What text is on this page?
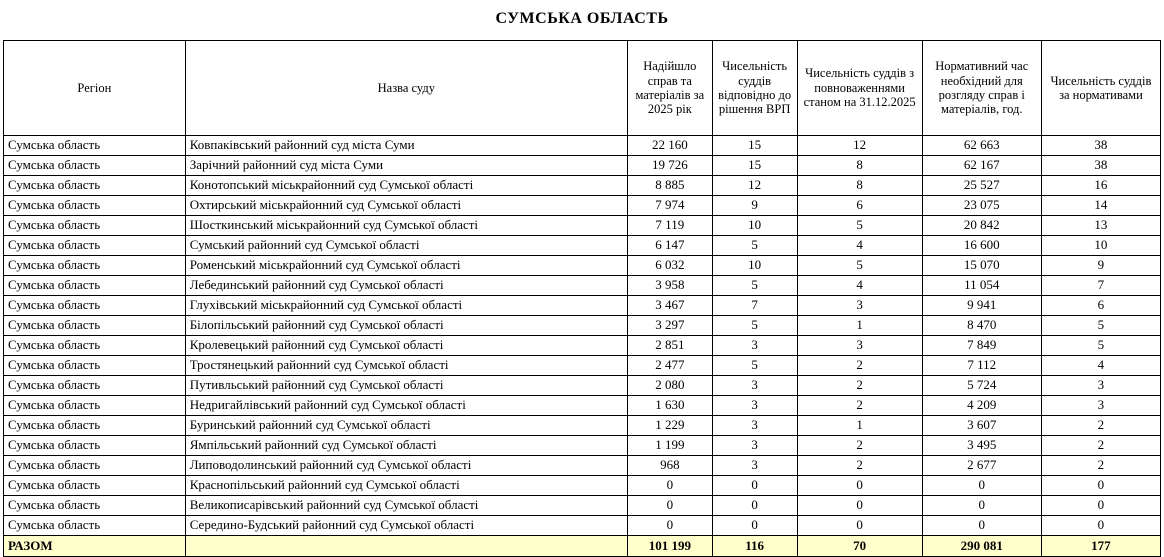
СУМСЬКА ОБЛАСТЬ
Регіон	Назва суду	Надійшло справ та матеріалів за 2025 рік	Чисельність суддів відповідно до рішення ВРП	Чисельність суддів з повноваженнями станом на 31.12.2025	Нормативний час необхідний для розгляду справ і матеріалів, год.	Чисельність суддів за нормативами
Сумська область	Ковпаківський районний суд міста Суми	22 160	15	12	62 663	38
Сумська область	Зарічний районний суд міста Суми	19 726	15	8	62 167	38
Сумська область	Конотопський міськрайонний суд Сумської області	8 885	12	8	25 527	16
Сумська область	Охтирський міськрайонний суд Сумської області	7 974	9	6	23 075	14
Сумська область	Шосткинський міськрайонний суд Сумської області	7 119	10	5	20 842	13
Сумська область	Сумський районний суд Сумської області	6 147	5	4	16 600	10
Сумська область	Роменський міськрайонний суд Сумської області	6 032	10	5	15 070	9
Сумська область	Лебединський районний суд Сумської області	3 958	5	4	11 054	7
Сумська область	Глухівський міськрайонний суд Сумської області	3 467	7	3	9 941	6
Сумська область	Білопільський районний суд Сумської області	3 297	5	1	8 470	5
Сумська область	Кролевецький районний суд Сумської області	2 851	3	3	7 849	5
Сумська область	Тростянецький районний суд Сумської області	2 477	5	2	7 112	4
Сумська область	Путивльський районний суд Сумської області	2 080	3	2	5 724	3
Сумська область	Недригайлівський районний суд Сумської області	1 630	3	2	4 209	3
Сумська область	Буринський районний суд Сумської області	1 229	3	1	3 607	2
Сумська область	Ямпільський районний суд Сумської області	1 199	3	2	3 495	2
Сумська область	Липоводолинський районний суд Сумської області	968	3	2	2 677	2
Сумська область	Краснопільський районний суд Сумської області	0	0	0	0	0
Сумська область	Великописарівський районний суд Сумської області	0	0	0	0	0
Сумська область	Середино-Будський районний суд Сумської області	0	0	0	0	0
РАЗОМ		101 199	116	70	290 081	177
